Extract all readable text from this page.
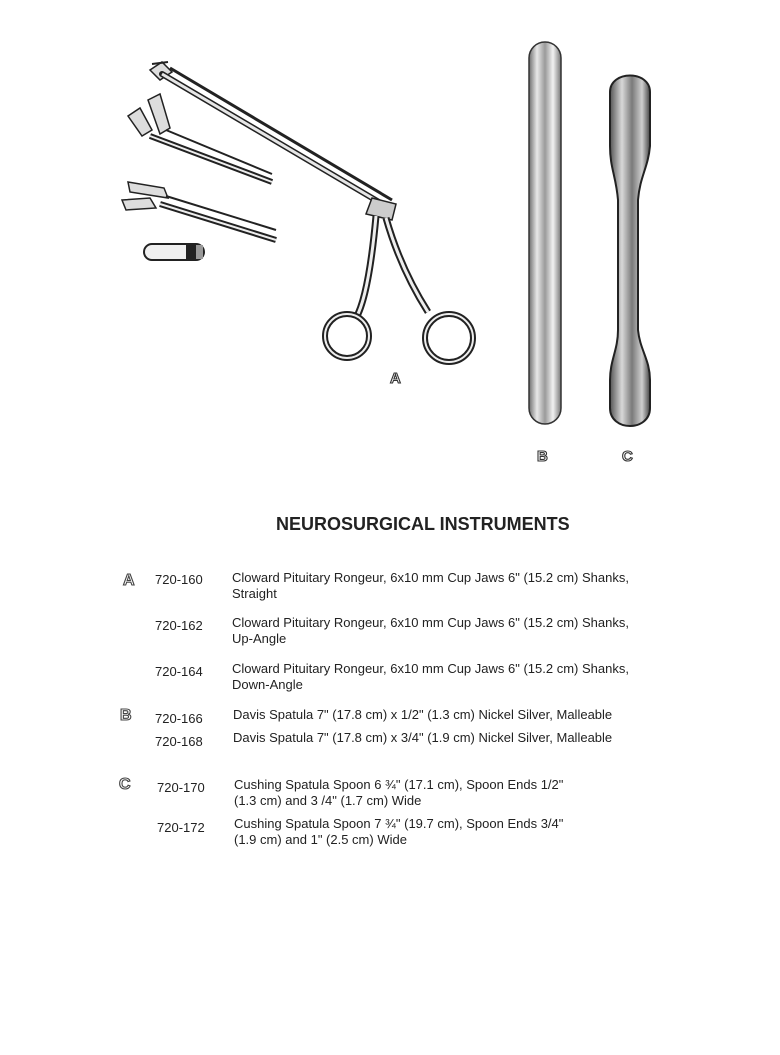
A
B	C
NEUROSURGICAL INSTRUMENTS
A 720-160 Cloward Pituitary Rongeur, 6x10 mm Cup Jaws 6" (15.2 cm) Shanks,
Straight
720-162 Cloward Pituitary Rongeur, 6x10 mm Cup Jaws 6" (15.2 cm) Shanks,
Up-Angle
720-164 Cloward Pituitary Rongeur, 6x10 mm Cup Jaws 6" (15.2 cm) Shanks,
Down-Angle
B 720-166 Davis Spatula 7" (17.8 cm) x 1/2" (1.3 cm) Nickel Silver, Malleable
720-168 Davis Spatula 7" (17.8 cm) x 3/4" (1.9 cm) Nickel Silver, Malleable
C 720-170 Cushing Spatula Spoon 6 ¾" (17.1 cm), Spoon Ends 1/2"
(1.3 cm) and 3 /4" (1.7 cm) Wide
720-172 Cushing Spatula Spoon 7 ¾" (19.7 cm), Spoon Ends 3/4"
(1.9 cm) and 1" (2.5 cm) Wide
